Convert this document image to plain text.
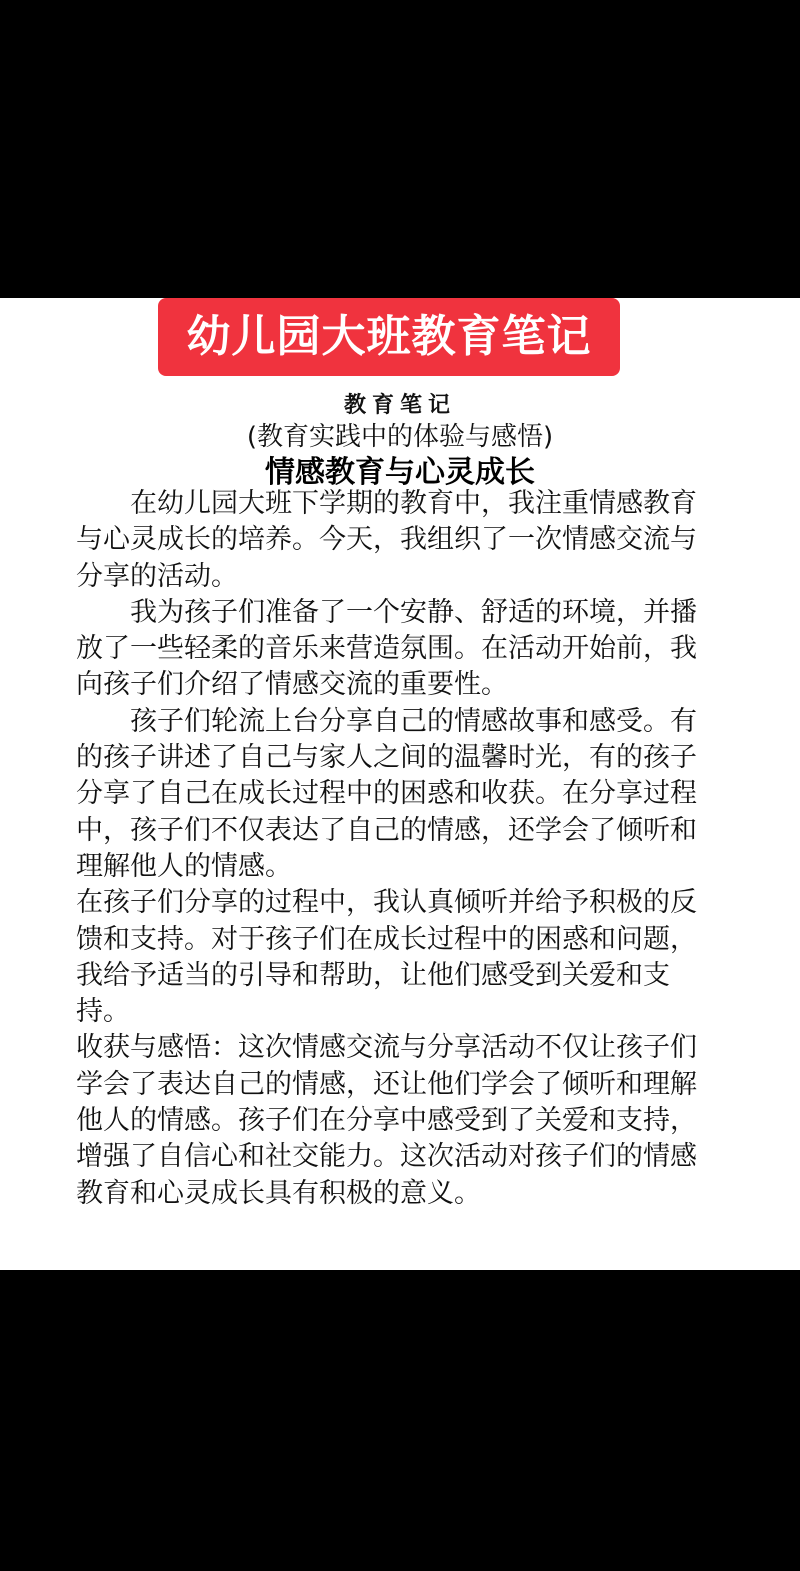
幼儿园大班教育笔记
教育笔记
(教育实践中的体验与感悟)
情感教育与心灵成长

在幼儿园大班下学期的教育中，我注重情感教育与心灵成长的培养。今天，我组织了一次情感交流与分享的活动。

我为孩子们准备了一个安静、舒适的环境，并播放了一些轻柔的音乐来营造氛围。在活动开始前，我向孩子们介绍了情感交流的重要性。

孩子们轮流上台分享自己的情感故事和感受。有的孩子讲述了自己与家人之间的温馨时光，有的孩子分享了自己在成长过程中的困惑和收获。在分享过程中，孩子们不仅表达了自己的情感，还学会了倾听和理解他人的情感。

在孩子们分享的过程中，我认真倾听并给予积极的反馈和支持。对于孩子们在成长过程中的困惑和问题，我给予适当的引导和帮助，让他们感受到关爱和支持。

收获与感悟：这次情感交流与分享活动不仅让孩子们学会了表达自己的情感，还让他们学会了倾听和理解他人的情感。孩子们在分享中感受到了关爱和支持，增强了自信心和社交能力。这次活动对孩子们的情感教育和心灵成长具有积极的意义。
